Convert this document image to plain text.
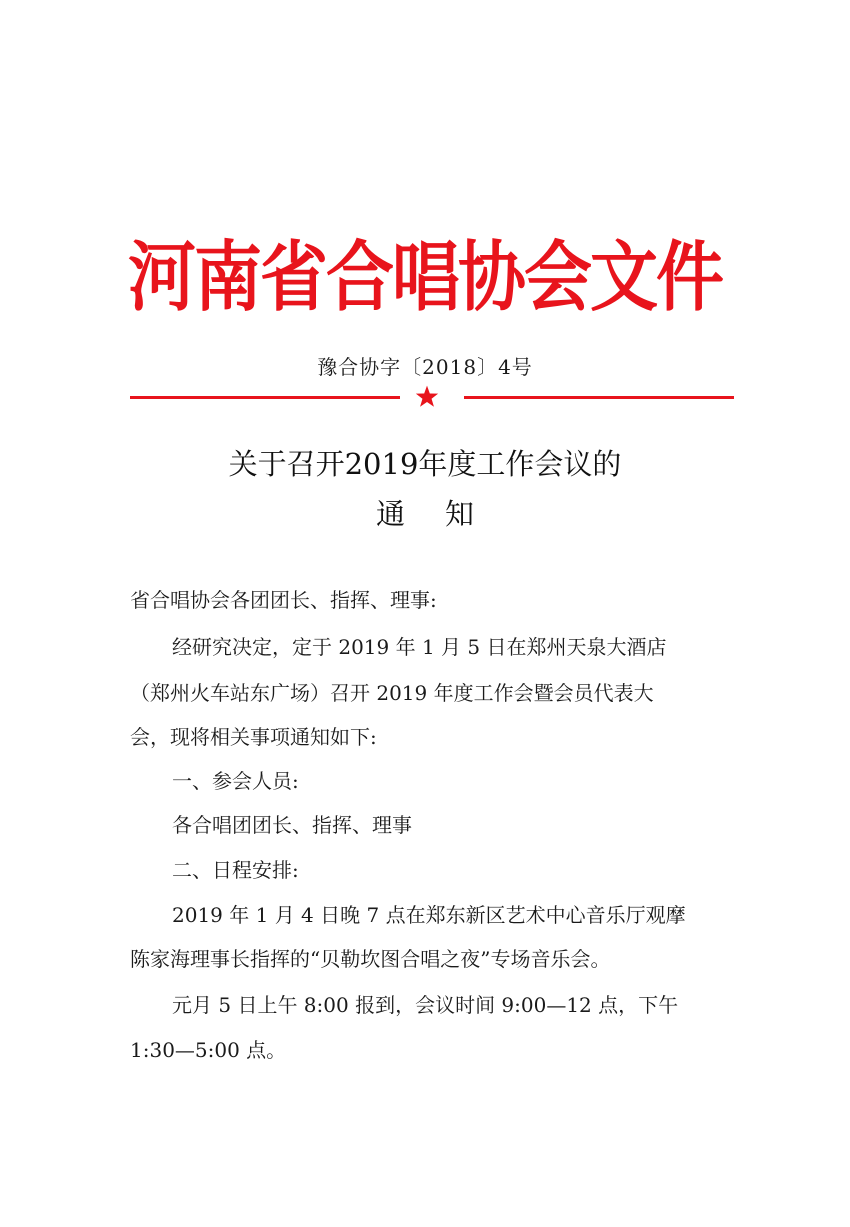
河南省合唱协会文件
豫合协字〔2018〕4号
关于召开2019年度工作会议的
通知
省合唱协会各团团长、指挥、理事:
经研究决定，定于 2019 年 1 月 5 日在郑州天泉大酒店
（郑州火车站东广场）召开 2019 年度工作会暨会员代表大
会，现将相关事项通知如下:
一、参会人员:
各合唱团团长、指挥、理事
二、日程安排:
2019 年 1 月 4 日晚 7 点在郑东新区艺术中心音乐厅观摩
陈家海理事长指挥的“贝勒坎图合唱之夜”专场音乐会。
元月 5 日上午 8:00 报到，会议时间 9:00—12 点，下午
1:30—5:00 点。
